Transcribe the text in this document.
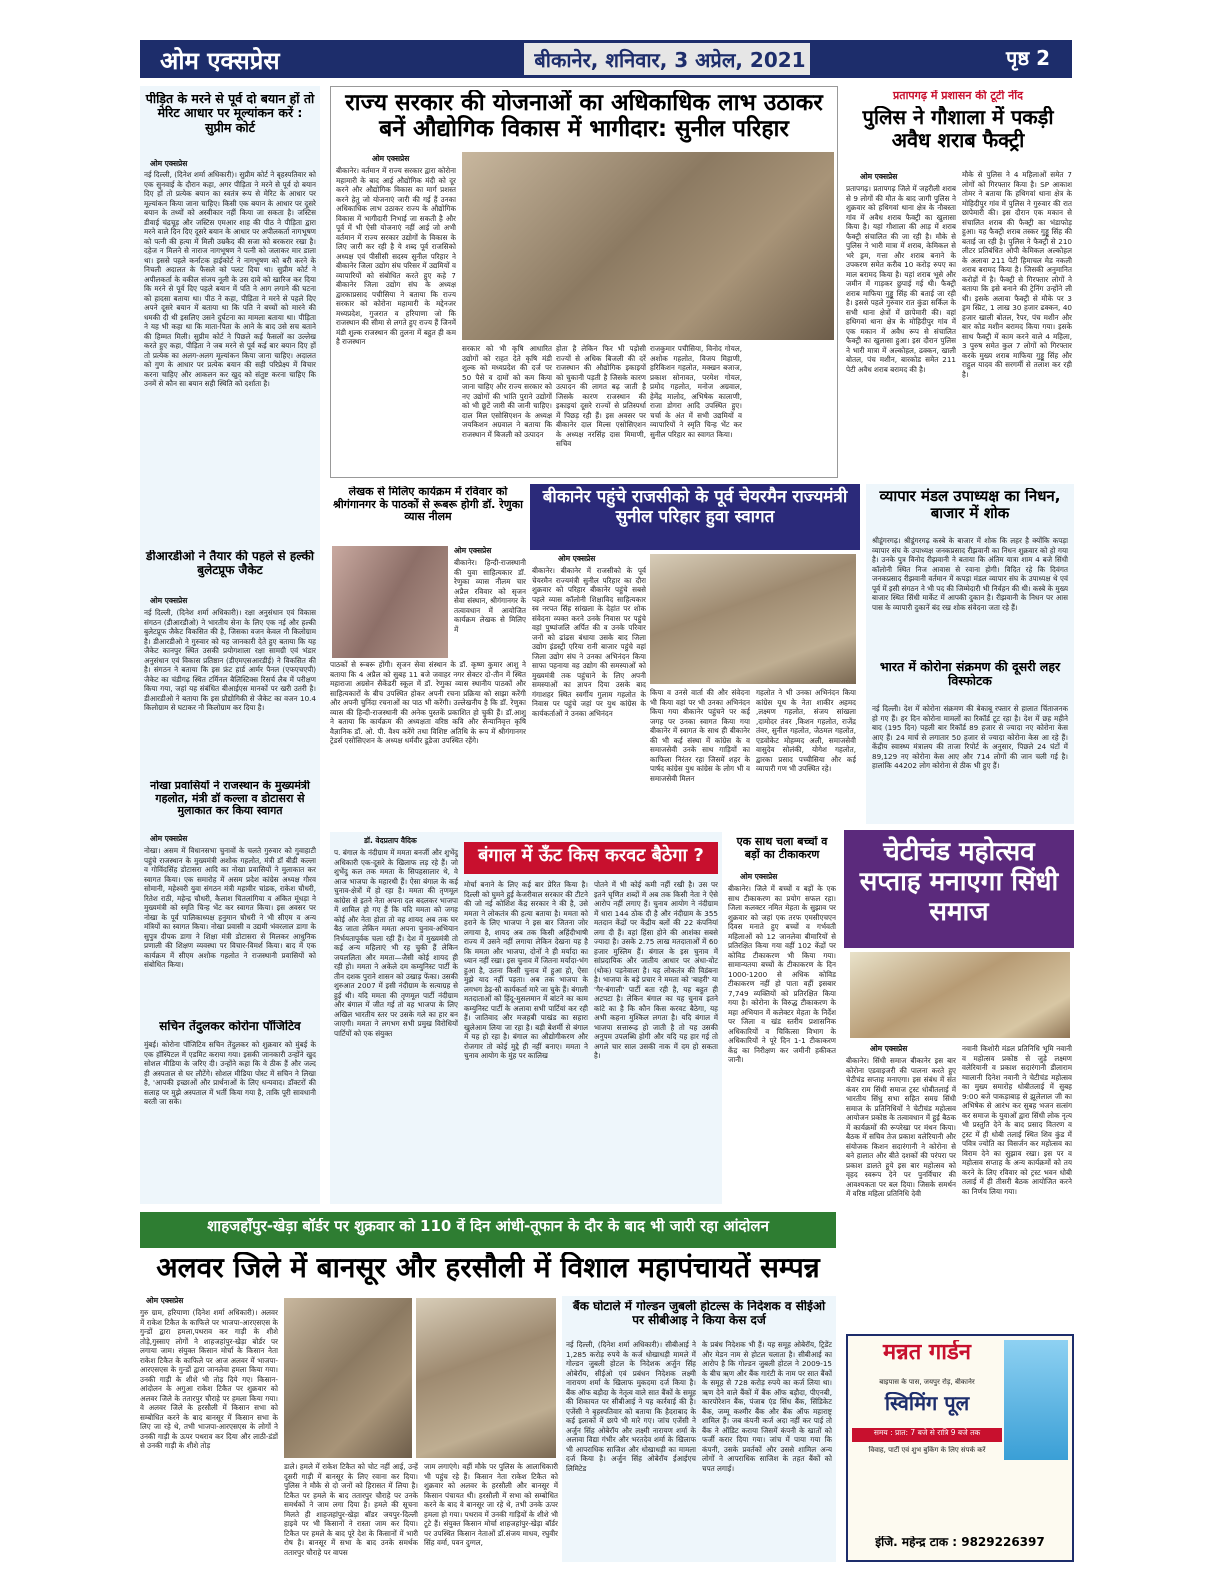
ओम एक्सप्रेस	बीकानेर, शनिवार, 3 अप्रेल, 2021	पृष्ठ 2
पीड़ित के मरने से पूर्व दो बयान हों तो मेरिट आधार पर मूल्यांकन करें : सुप्रीम कोर्ट
ओम एक्सप्रेस
नई दिल्ली, (दिनेश शर्मा अधिकारी)। सुप्रीम कोर्ट ने बृहस्पतिवार को एक सुनवाई के दौरान कहा, अगर पीड़िता ने मरने से पूर्व दो बयान दिए हों तो प्रत्येक बयान का स्वतंत्र रूप से मेरिट के आधार पर मूल्यांकन किया जाना चाहिए। किसी एक बयान के आधार पर दूसरे बयान के तथ्यों को अस्वीकार नहीं किया जा सकता है। जस्टिस डीवाई चंद्रचूड़ और जस्टिस एमआर शाह की पीठ ने पीड़िता द्वारा मरने वाले दिन दिए दूसरे बयान के आधार पर अपीलकर्ता नागभूषण को पत्नी की हत्या में मिली उम्रकैद की सजा को बरकरार रखा है। दहेज न मिलने से नाराज नागभूषण ने पत्नी को जलाकर मार डाला था। इससे पहले कर्नाटक हाईकोर्ट ने नागभूषण को बरी करने के निचली अदालत के फैसले को पलट दिया था। सुप्रीम कोर्ट ने अपीलकर्ता के वकील संजय नूली के उस दावे को खारिज कर दिया कि मरने से पूर्व दिए पहले बयान में पति ने आग लगाने की घटना को हादसा बताया था। पीठ ने कहा, पीड़िता ने मरने से पहले दिए अपने दूसरे बयान में बताया था कि पति ने बच्चों को मारने की धमकी दी थी इसलिए उसने दुर्घटना का मामला बताया था। पीड़िता ने यह भी कहा था कि माता-पिता के आने के बाद उसे सच बताने की हिम्मत मिली। सुप्रीम कोर्ट ने पिछले कई फैसलों का उल्लेख करते हुए कहा, पीड़िता ने जब मरने से पूर्व कई बार बयान दिए हों तो प्रत्येक का अलग-अलग मूल्यांकन किया जाना चाहिए। अदालत को गुण के आधार पर प्रत्येक बयान की सही परिप्रेक्ष्य में विचार करना चाहिए और आकलन कर खुद को संतुष्ट करना चाहिए कि उनमें से कौन सा बयान सही स्थिति को दर्शाता है।
डीआरडीओ ने तैयार की पहले से हल्की बुलेटप्रूफ जैकेट
ओम एक्सप्रेस
नई दिल्ली, (दिनेश शर्मा अधिकारी)। रक्षा अनुसंधान एवं विकास संगठन (डीआरडीओ) ने भारतीय सेना के लिए एक नई और हल्की बुलेटप्रूफ जैकेट विकसित की है, जिसका वजन केवल नौ किलोग्राम है। डीआरडीओ ने गुरुवार को यह जानकारी देते हुए बताया कि यह जैकेट कानपुर स्थित उसकी प्रयोगशाला रक्षा सामग्री एवं भंडार अनुसंधान एवं विकास प्रतिष्ठान (डीएमएसआरडीई) ने विकसित की है। संगठन ने बताया कि इस फ्रंट हार्ड आर्मर पैनल (एफएचएपी) जैकेट का चंडीगढ़ स्थित टर्मिनल बैलिस्टिक्स रिसर्च लैब में परीक्षण किया गया, जहां यह संबंधित बीआईएस मानकों पर खरी उतरी है। डीआरडीओ ने बताया कि इस प्रौद्योगिकी से जैकेट का वजन 10.4 किलोग्राम से घटाकर नौ किलोग्राम कर दिया है।
नोखा प्रवासियों ने राजस्थान के मुख्यमंत्री गहलोत, मंत्री डॉ कल्ला व डोटासरा से मुलाकात कर किया स्वागत
ओम एक्सप्रेस
नोखा। असम में विधानसभा चुनावों के चलते गुरुवार को गुवाहाटी पहुंचे राजस्थान के मुख्यमंत्री अशोक गहलोत, मंत्री डॉ बीडी कल्ला व गोविंदसिंह डोटासरा आदि का नोखा प्रवासियों ने मुलाकात कर स्वागत किया। एक समारोह में असम प्रदेश कांग्रेस अध्यक्ष गौरव सोमानी, महेश्वरी युवा संगठन मंत्री महावीर चांडक, राकेश चौधरी, रितेश राठी, महेन्द्र चौधरी, कैलाश चितलांगिया व अंकित मूंधड़ा ने मुख्यमंत्री को स्मृति चिन्ह भेंट कर स्वागत किया। इस अवसर पर नोखा के पूर्व पालिकाध्यक्ष हनुमान चौधरी ने भी सीएम व अन्य मंत्रियों का स्वागत किया। नोखा प्रवासी व उद्यमी भंवरलाल डागा के सुपुत्र दीपक डागा ने शिक्षा मंत्री डोटासरा से मिलकर आधुनिक प्रणाली की शिक्षण व्यवस्था पर विचार-विमर्श किया। बाद में एक कार्यक्रम में सीएम अशोक गहलोत ने राजस्थानी प्रवासियों को संबोधित किया।
सचिन तेंदुलकर कोरोना पॉजिटिव
मुंबई। कोरोना पॉजिटिव सचिन तेंदुलकर को शुक्रवार को मुंबई के एक हॉस्पिटल में एडमिट कराया गया। इसकी जानकारी उन्होंने खुद सोशल मीडिया के जरिए दी। उन्होंने कहा कि वे ठीक हैं और जल्द ही अस्पताल से घर लौटेंगे। सोशल मीडिया पोस्ट में सचिन ने लिखा है, 'आपकी इच्छाओं और प्रार्थनाओं के लिए धन्यवाद। डॉक्टरों की सलाह पर मुझे अस्पताल में भर्ती किया गया है, ताकि पूरी सावधानी बरती जा सके।
राज्य सरकार की योजनाओं का अधिकाधिक लाभ उठाकर बनें औद्योगिक विकास में भागीदार: सुनील परिहार
ओम एक्सप्रेस
बीकानेर। वर्तमान में राज्य सरकार द्वारा कोरोना महामारी के बाद आई औद्योगिक मंदी को दूर करने और औद्योगिक विकास का मार्ग प्रशस्त करने हेतु जो योजनाएं जारी की गई हैं उनका अधिकाधिक लाभ उठाकर राज्य के औद्योगिक विकास में भागीदारी निभाई जा सकती है और पूर्व में भी ऐसी योजनाएं नहीं आई जो अभी वर्तमान में राज्य सरकार उद्योगों के विकास के लिए जारी कर रही है ये शब्द पूर्व राजसिको अध्यक्ष एवं पीसीसी सदस्य सुनील परिहार ने बीकानेर जिला उद्योग संघ परिसर में उद्यमियों व व्यापारियों को संबोधित करते हुए कहे 7 बीकानेर जिला उद्योग संघ के अध्यक्ष द्वारकाप्रसाद पचीसिया ने बताया कि राज्य सरकार को कोरोना महामारी के मद्देनजर मध्यप्रदेश, गुजरात व हरियाणा जो कि राजस्थान की सीमा से लगते हुए राज्य हैं जिनमें मंडी शुल्क राजस्थान की तुलना में बहुत ही कम है राजस्थान
सरकार को भी कृषि आधारित उद्योगों को राहत देते कृषि मंडी शुल्क को मध्यप्रदेश की दर्ज पर 50 पैसे व दामों को कम किया जाना चाहिए और राज्य सरकार को नए उद्योगों की भांति पुराने उद्योगों को भी छूटें जारी की जानी चाहिए। दाल मिल एसोसिएशन के अध्यक्ष जयकिशन अग्रवाल ने बताया कि राजस्थान में बिजली को उत्पादन
होता है लेकिन फिर भी पड़ोसी राज्यों से अधिक बिजली की दरें राजस्थान की औद्योगिक इकाइयों को चुकानी पड़ती है जिसके कारण उत्पादन की लागत बढ़ जाती है जिसके कारण राजस्थान की इकाइयां दूसरे राज्यों से प्रतिस्पर्धा में पिछड़ रही हैं। इस अवसर पर बीकानेर दाल मिल्स एसोसिएशन के अध्यक्ष नरसिंह दास मिमाणी, सचिव
राजकुमार पचीसिया, विनोद गोयल, अशोक गहलोत, विजय मिहाणी, हरिकिशन गहलोत, मक्खन बजाज, प्रकाश सोनावत, परमेश गोयल, प्रमोद गहलोत, मनोज अग्रवाल, हेमेंद्र मालोद, अभिषेक कालाणी, राजा डोगरा आदि उपस्थित हुए। चर्चा के अंत में सभी उद्यमियों व व्यापारियों ने स्मृति चिन्ह भेंट कर सुनील परिहार का स्वागत किया।
प्रतापगढ़ में प्रशासन की टूटी नींद
पुलिस ने गौशाला में पकड़ी अवैध शराब फैक्ट्री
ओम एक्सप्रेस
प्रतापगढ़। प्रतापगढ़ जिले में जहरीली शराब से 9 लोगों की मौत के बाद जागी पुलिस ने शुक्रवार को हथिगवां थाना क्षेत्र के नौबस्ता गांव में अवैध शराब फैक्ट्री का खुलासा किया है। यहां गौशाला की आड़ में शराब फैक्ट्री संचालित की जा रही है। मौके से पुलिस ने भारी मात्रा में शराब, केमिकल से भरे ड्रम, गत्ता और शराब बनाने के उपकरण समेत करीब 10 करोड़ रुपए का माल बरामद किया है। यहां शराब भूसे और जमीन में गाड़कर छुपाई गई थी। फैक्ट्री शराब माफिया गुड्डू सिंह की बताई जा रही है। इससे पहले गुरुवार रात कुंडा सर्किल के सभी थाना क्षेत्रों में छापेमारी की। वहां हथिगवां थाना क्षेत्र के मोहिदीपुर गांव में एक मकान में अवैध रूप से संचालित फैक्ट्री का खुलासा हुआ। इस दौरान पुलिस ने भारी मात्रा में अल्कोहल, ढक्कन, खाली बोतल, पंच मशीन, बारकोड समेत 211 पेटी अवैध शराब बरामद की है।
मौके से पुलिस ने 4 महिलाओं समेत 7 लोगों को गिरफ्तार किया है। SP आकाश तोमर ने बताया कि हथिगवां थाना क्षेत्र के मोहिदीपुर गांव में पुलिस ने गुरुवार की रात छापेमारी की। इस दौरान एक मकान से संचालित शराब की फैक्ट्री का भंडाफोड़ हुआ। यह फैक्ट्री शराब तस्कर गुड्डू सिंह की बताई जा रही है। पुलिस ने फैक्ट्री से 210 लीटर प्रतिबंधित ओपी केमिकल अल्कोहल के अलावा 211 पेटी हिमाचल मेड नकली शराब बरामद किया है। जिसकी अनुमानित करोड़ों में है। फैक्ट्री से गिरफ्तार लोगों ने बताया कि इसे बनाने की ट्रेनिंग उन्होंने ली थी। इसके अलावा फैक्ट्री से मौके पर 3 ड्रम स्प्रिट, 1 लाख 30 हजार ढक्कन, 40 हजार खाली बोतल, रैपर, पंच मशीन और बार कोड मशीन बरामद किया गया। इसके साथ फैक्ट्री में काम करने वाले 4 महिला, 3 पुरुष समेत कुल 7 लोगों को गिरफ्तार करके मुख्य शराब माफिया गुड्डू सिंह और राहुल यादव की सरगर्मी से तलाश कर रही है।
लेखक से मिलिए कार्यक्रम में रविवार को श्रीगंगानगर के पाठकों से रूबरू होगी डॉ. रेणुका व्यास नीलम
ओम एक्सप्रेस
बीकानेर। हिन्दी-राजस्थानी की युवा साहित्यकार डॉ. रेणुका व्यास नीलम चार अप्रैल रविवार को सृजन सेवा संस्थान, श्रीगंगानगर के तत्वावधान में आयोजित कार्यक्रम लेखक से मिलिए में
पाठकों से रूबरू होंगी। सृजन सेवा संस्थान के डॉ. कृष्ण कुमार आशु ने बताया कि 4 अप्रैल को सुबह 11 बजे जवाहर नगर सेक्टर दो-तीन में स्थित महाराजा अग्रसेन सैकेंडरी स्कूल में डॉ. रेणुका व्यास स्थानीय पाठकों और साहित्यकारों के बीच उपस्थित होकर अपनी रचना प्रक्रिया को साझा करेंगी और अपनी चुनिंदा रचनाओं का पाठ भी करेंगी। उल्लेखनीय है कि डॉ. रेणुका व्यास की हिन्दी-राजस्थानी की अनेक पुस्तकें प्रकाशित हो चुकी हैं। डॉ.आशु ने बताया कि कार्यक्रम की अध्यक्षता वरिष्ठ कवि और सैन्यानिवृत्त कृषि वैज्ञानिक डॉ. ओ. पी. वैश्य करेंगे तथा विशिष्ट अतिथि के रूप में श्रीगंगानगर ट्रेडर्स एसोसिएशन के अध्यक्ष धर्मवीर डूडेजा उपस्थित रहेंगे।
बीकानेर पहुंचे राजसीको के पूर्व चेयरमैन राज्यमंत्री सुनील परिहार हुवा स्वागत
ओम एक्सप्रेस
बीकानेर। बीकानेर में राजसीको के पूर्व चेयरमैन राज्यमंत्री सुनील परिहार का दौरा शुक्रवार को परिहार बीकानेर पहुंचे सबसे पहले व्यास कॉलोनी शिक्षाविद साहित्यकार स्व नरपत सिंह सांखला के देहांत पर शोक संवेदना व्यक्त करने उनके निवास पर पहुंचे वहां पुष्पांजलि अर्पित की व उनके परिवार जनों को ढांढस बंधाया उसके बाद जिला उद्योग इंडस्ट्री एरिया रानी बाजार पहुंचे वहां जिला उद्योग संघ ने उनका अभिनंदन किया साफा पहनाया वह उद्योग की समस्याओं को मुख्यमंत्री तक पहुंचाने के लिए अपनी समस्याओं का ज्ञापन दिया उसके बाद गंगाशहर स्थित स्वर्गीय गुलाम गहलोत के निवास पर पहुंचे जहां पर युथ कांग्रेस के कार्यकर्ताओं ने उनका अभिनंदन
किया व उनसे वार्ता की और संवेदना भी किया वहां पर भी उनका अभिनंदन किया गया बीकानेर पहुंचने पर कई जगह पर उनका स्वागत किया गया बीकानेर में स्वागत के साथ ही बीकानेर की भी कई संस्था में कांग्रेस के व समाजसेवी उनके साथ गाड़ियों का काफिला निरंतर रहा जिसमें शहर के पार्षद कांग्रेस युथ कांग्रेस के लोग भी व समाजसेवी मिलन
गहलोत ने भी उनका अभिनंदन किया कांग्रेस यूथ के नेता शाकीर अहमद ,लक्ष्मण गहलोत, संजय सांखला ,दामोदर तंवर ,किशन गहलोत, राजेंद्र तंवर, सुनील गहलोत, जेठमल गहलोत, एडवोकेट मोहम्मद अली, समाजसेवी वासुदेव सोलंकी, योगेश गहलोत, द्वारका प्रसाद पच्चीसिया और कई व्यापारी गण भी उपस्थित रहे।
व्यापार मंडल उपाध्यक्ष का निधन, बाजार में शोक
श्रीडूंगरगढ़। श्रीडूंगरगढ़ कस्बे के बाजार में शोक कि लहर है क्योंकि कपड़ा व्यापार संघ के उपाध्यक्ष जनकप्रसाद रीझवानी का निधन शुक्रवार को हो गया है। उनके पुत्र विनोद रीझवानी ने बताया कि अंतिम यात्रा शाम 4 बजे सिंधी कॉलोनी स्थित निज आवास से रवाना होगी। विदित रहे कि दिवंगत जनकप्रसाद रीझवानी वर्तमान में कपड़ा मंडल व्यापार संघ के उपाध्यक्ष थे एवं पूर्व में इसी संगठन ने भी पद की जिम्मेदारी भी निर्वहन की थी। कस्बे के मुख्य बाजार स्थित सिंधी मार्केट में आपकी दुकान है। रीझवानी के निधन पर आस पास के व्यापारी दुकानें बंद रख शोक संवेदना जता रहे हैं।
भारत में कोरोना संक्रमण की दूसरी लहर विस्फोटक
नई दिल्ली। देश में कोरोना संक्रमण की बेकाबू रफ्तार से हालात चिंताजनक हो गए हैं। हर दिन कोरोना मामलों का रिकॉर्ड टूट रहा है। देश में छह महीने बाद (195 दिन) पहली बार रिकॉर्ड 89 हजार से ज्यादा नए कोरोना केस आए हैं। 24 मार्च से लगातार 50 हजार से ज्यादा कोरोना केस आ रहे हैं। केंद्रीय स्वास्थ्य मंत्रालय की ताजा रिपोर्ट के अनुसार, पिछले 24 घंटों में 89,129 नए कोरोना केस आए और 714 लोगों की जान चली गई है। हालांकि 44202 लोग कोरोना से ठीक भी हुए हैं।
डॉ. वेदप्रताप वैदिक
प. बंगाल के नंदीग्राम में ममता बनर्जी और शुभेंदु अधिकारी एक-दूसरे के खिलाफ लड़ रहे हैं। जो शुभेंदु कल तक ममता के सिपहसालार थे, वे आज भाजपा के महारथी हैं। ऐसा बंगाल के कई चुनाव-क्षेत्रों में हो रहा है। ममता की तृणमूल कांग्रेस से इतने नेता अपना दल बदलकर भाजपा में शामिल हो गए हैं कि यदि ममता को जगह कोई और नेता होता तो वह शायद अब तक घर बैठ जाता लेकिन ममता अपना चुनाव-अभियान निर्भयतापूर्वक चला रही हैं। देश में मुख्यमंत्री तो कई अन्य महिलाएं भी रह चुकी हैं लेकिन जयललिता और ममता—जैसी कोई शायद ही रही हो। ममता ने अकेले दम कम्युनिस्ट पार्टी के तीन दशक पुराने शासन को उखाड़ फेंका। उसकी शुरुआत 2007 में इसी नंदीग्राम के सत्याग्रह से हुई थी। यदि ममता की तृणमूल पार्टी नंदीग्राम और बंगाल में जीत गई तो वह भाजपा के लिए अखिल भारतीय स्तर पर उसके गले का हार बन जाएगी। ममता ने लगभग सभी प्रमुख विरोधियों पार्टियों को एक संयुक्त
बंगाल में ऊँट किस करवट बैठेगा ?
मोर्चा बनाने के लिए कई बार प्रेरित किया है। दिल्ली को घुमने हुई केजरीवाल सरकार की टीटने की जो नई कोशिश केंद्र सरकार ने की है, उसे ममता ने लोकतंत्र की हत्या बताया है। ममता को हराने के लिए भाजपा ने इस बार जितना जोर लगाया है, शायद अब तक किसी अहिंदीभाषी राज्य में उसने नहीं लगाया लेकिन देखना यह है कि ममता और भाजपा, दोनों ने ही मर्यादा का ध्यान नहीं रखा। इस चुनाव में जितना मर्यादा-भंग हुआ है, उतना किसी चुनाव में हुआ हो, ऐसा मुझे याद नहीं पड़ता। अब तक भाजपा के लगभग डेढ़-सौ कार्यकर्ता मारे जा चुके हैं। बंगाली मतदाताओं को हिंदू-मुसलमान में बांटने का काम कम्युनिस्ट पार्टी के अलावा सभी पार्टियां कर रही हैं। जातिवाद और मजहबी पाखंड का सहारा खुलेआम लिया जा रहा है। बड़ी बेशर्मी से बंगाल में यह हो रहा है। बंगाल का औद्योगीकरण और रोजगार तो कोई मुद्दे ही नहीं बनाए। ममता ने चुनाव आयोग के मुंह पर कालिख
पोतने में भी कोई कमी नहीं रखी है। उस पर इतने घृणित शब्दों में अब तक किसी नेता ने ऐसे आरोप नहीं लगाए हैं। चुनाव आयोग ने नंदीग्राम में धारा 144 ठोक दी है और नंदीग्राम के 355 मतदान केंद्रों पर केंद्रीय बलों की 22 कंपनियां लगा दी हैं। वहां हिंसा होने की आशंका सबसे ज्यादा है। उसके 2.75 लाख मतदाताओं में 60 हजार मुस्लिम हैं। बंगाल के इस चुनाव में सांप्रदायिक और जातीय आधार पर अंधा-वोट (थोक) पड़नेवाला है। यह लोकतंत्र की विडंबना है। भाजपा के बड़े प्रचार ने ममता को 'बाहरी' या 'गैर-बंगाली' पार्टी बता रही है, यह बहुत ही अटपटा है। लेकिन बंगाल का यह चुनाव इतने कांटे का है कि कौन किस करवट बैठेगा, यह अभी कहना मुश्किल लगता है। यदि बंगाल में भाजपा सत्तारूढ़ हो जाती है तो यह उसकी अनुपम उपलब्धि होगी और यदि यह हार गई तो अगले चार साल उसकी नाक में दम हो सकता है।
एक साथ चला बच्चों व बड़ों का टीकाकरण
ओम एक्सप्रेस
बीकानेर। जिले में बच्चों व बड़ों के एक साथ टीकाकरण का प्रयोग सफल रहा। जिला कलक्टर नमित मेहता के सुझाव पर शुक्रवार को जहां एक तरफ एमसीएचएन दिवस मनाते हुए बच्चों व गर्भवती महिलाओं को 12 जानलेवा बीमारियों से प्रतिरक्षित किया गया वहीं 102 केंद्रों पर कोविड टीकाकरण भी किया गया। सामान्यतया बच्चों के टीकाकरण के दिन 1000-1200 से अधिक कोविड टीकाकरण नहीं हो पाता वहीं इसबार 7,749 व्यक्तियों को प्रतिरक्षित किया गया है। कोरोना के विरुद्ध टीकाकरण के महा अभियान में कलेक्टर मेहता के निर्देश पर जिला व खंड स्तरीय प्रशासनिक अधिकारियों व चिकित्सा विभाग के अधिकारियों ने पूरे दिन 1-1 टीकाकरण केंद्र का निरीक्षण कर जमीनी हकीकत जानी।
चेटीचंड महोत्सव सप्ताह मनाएगा सिंधी समाज
ओम एक्सप्रेस
बीकानेर। सिंधी समाज बीकानेर इस बार कोरोना एडवाइजरी की पालना करते हुए चेटीचंड सप्ताह मनाएगा। इस संबंध में संत कंवर राम सिंधी समाज ट्रस्ट धोबीतलाई में भारतीय सिंधु सभा सहित समग्र सिंधी समाज के प्रतिनिधियों ने चेटीचंड महोत्सव आयोजन प्रकोष्ठ के तत्वावधान में हुई बैठक में कार्यक्रमों की रूपरेखा पर मंथन किया। बैठक में सचिव तेज प्रकाश वलेरियानी और संयोजक किशन सदारंगानी ने कोरोना से बने हालात और बीते दशकों की परंपरा पर प्रकाश डालते हुये इस बार महोत्सव को वृहद स्वरूप देने पर पुनर्विचार की आवश्यकता पर बल दिया। जिसके समर्थन में वरिष्ठ महिला प्रतिनिधि देवी
नवानी किशोरी मंडल प्रतिनिधि भूमि नवानी व महोत्सव प्रकोष्ठ से जुड़े लक्ष्मण वलेरियानी व प्रकाश सदारंगानी डीलाराम ग्वालानी दिनेश नवानी ने चेटीचंड महोत्सव का मुख्य समारोह धोबीतलाई में सुबह 9:00 बजे पाकड़ाबाड़ से झूलेलाल जी का अभिषेक से आरंभ कर सुबह भजन सत्संग कर समाज के युवाओं द्वारा सिंधी लोक नृत्य भी प्रस्तुति देने के बाद प्रसाद वितरण व ट्रस्ट में ही धोबी तलाई स्थित शिव कुंड में पवित्र ज्योति का विसर्जन कर महोत्सव का विराम देने का सुझाव रखा। इस पर व महोत्सव सप्ताह के अन्य कार्यक्रमों को तय करने के लिए रविवार को ट्रस्ट भवन धोबी तलाई में ही तीसरी बैठक आयोजित करने का निर्णय लिया गया।
शाहजहाँपुर-खेड़ा बॉर्डर पर शुक्रवार को 110 वें दिन आंधी-तूफान के दौर के बाद भी जारी रहा आंदोलन
अलवर जिले में बानसूर और हरसौली में विशाल महापंचायतें सम्पन्न
ओम एक्सप्रेस
गुरु ग्राम, हरियाणा (दिनेश शर्मा अधिकारी)। अलवर में राकेश टिकैत के काफिले पर भाजपा-आरएसएस के गुन्डों द्वारा हमला,पथराव कर गाड़ी के शीशे तोड़े,गुस्साए लोगों ने शाहजहांपुर-खेड़ा बोर्डर पर लगाया जाम। संयुक्त किसान मोर्चा के किसान नेता राकेश टिकैत के काफिले पर आज अलवर में भाजपा-आरएसएस के गुन्डों द्वारा जानलेवा हमला किया गया। उनकी गाड़ी के शीशे भी तोड़ दिये गए। किसान-आंदोलन के अगुआ राकेश टिकैत पर शुक्रवार को अलवर जिले के ततारपुर चौराहे पर हमला किया गया। वे अलवर जिले के हरसौली में किसान सभा को सम्बोधित करने के बाद बानसूर में किसान सभा के लिए जा रहे थे, तभी भाजपा-आरएसएस के लोगों ने उनकी गाड़ी के ऊपर पथराव कर दिया और लाठी-डंडों से उनकी गाड़ी के शीशे तोड़
डाले। हमले में राकेश टिकैत को चोट नहीं आई, उन्हें दूसरी गाड़ी में बानसूर के लिए रवाना कर दिया। पुलिस ने मौके से दो जनों को हिरासत में लिया है। टिकैत पर हमले के बाद ततारपुर चौराहे पर उनके समर्थकों ने जाम लगा दिया है। हमले की सूचना मिलते ही शाहजहांपुर-खेड़ा बॉडर जयपुर-दिल्ली हाइवे पर भी किसानों ने रास्ता जाम कर दिया। टिकैत पर हमले के बाद पूरे देश के किसानों में भारी रोष है। बानसूर में सभा के बाद उनके समर्थक ततारपुर चौराहे पर वापस
जाम लगाएंगे। वहीं मौके पर पुलिस के आलाधिकारी भी पहुंच रहे हैं। किसान नेता राकेश टिकैत को शुक्रवार को अलवर के हरसौली और बानसूर में किसान पंचायत थी। हरसौली में सभा को सम्बोधित करने के बाद वे बानसूर जा रहे थे, तभी उनके ऊपर हमला हो गया। पथराव में उनकी गाड़ियों के शीशे भी टूटे हैं। संयुक्त किसान मोर्चा शाहजहांपुर-खेड़ा बॉर्डर पर उपस्थित किसान नेताओं डॉ.संजय माधव, रघुवीर सिंह वर्मा, पवन दुग्गल,
बैंक घोटाले में गोल्डन जुबली होटल्स के निदेशक व सीईओ पर सीबीआइ ने किया केस दर्ज
नई दिल्ली, (दिनेश शर्मा अधिकारी)। सीबीआई ने 1,285 करोड़ रुपये के कर्ज धोखाधड़ी मामले में गोल्डन जुबली होटल के निदेशक अर्जुन सिंह ओबेरॉय, सीईओ एवं प्रबंधन निदेशक लक्ष्मी नारायण शर्मा के खिलाफ मुकदमा दर्ज किया है। बैंक ऑफ बड़ौदा के नेतृत्व वाले सात बैंकों के समूह की शिकायत पर सीबीआई ने यह कार्रवाई की है। एजेंसी ने बृहस्पतिवार को बताया कि हैदराबाद के कई इलाकों में छापे भी मारे गए। जांच एजेंसी ने अर्जुन सिंह ओबेरॉय और लक्ष्मी नारायण शर्मा के अलावा विद्या गंभीर और भरतदेव शर्मा के खिलाफ भी आपराधिक साजिश और धोखाधड़ी का मामला दर्ज किया है। अर्जुन सिंह ओबेरॉय ईआईएच लिमिटेड
के प्रबंध निदेशक भी हैं। यह समूह ओबेरॉय, ट्रिडेंट और मेडन नाम से होटल चलाता है। सीबीआई का आरोप है कि गोल्डन जुबली होटल ने 2009-15 के बीच ऋण और बैंक गारंटी के नाम पर सात बैंकों के समूह से 728 करोड़ रुपये का कर्ज लिया था। ऋण देने वाले बैंकों में बैंक ऑफ बड़ौदा, पीएनबी, कारपोरेशन बैंक, पंजाब एंड सिंध बैंक, सिंडिकेट बैंक, जम्मू कश्मीर बैंक और बैंक ऑफ महाराष्ट्र शामिल हैं। जब कंपनी कर्ज अदा नहीं कर पाई तो बैंक ने ऑडिट कराया जिसमें कंपनी के खातों को फर्जी करार दिया गया। जांच में पाया गया कि कंपनी, उसके प्रवर्तकों और उससे शामिल अन्य लोगों ने आपराधिक साजिश के तहत बैंकों को चपत लगाई।
मन्नत गार्डन
बाइपास के पास, जयपुर रोड़, बीकानेर
स्विमिंग पूल
समय : प्रात: 7 बजे से रात्रि 9 बजे तक
विवाह, पार्टी एवं शुभ बुकिंग के लिए संपर्क करें
इंजि. महेन्द्र टाक : 9829226397
